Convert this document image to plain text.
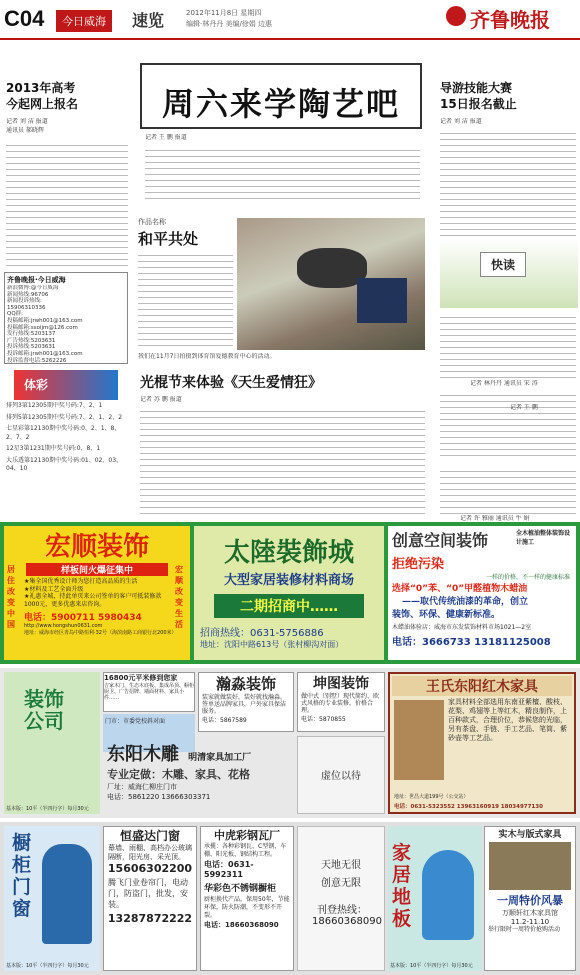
C04	今日威海	速览	2012年11月8日 星期四
编辑·林丹丹 美编/徐娟 边惠	齐鲁晚报
2013年高考
今起网上报名
记者 刘 洁 报道
通讯员 郝晓辉
齐鲁晚报·今日威海
新浪微博:@今日威海
新闻热线:96706
新闻投诉热线:
15906310336
QQ群:
投稿邮箱:jrwh001@163.com
投稿邮箱:ssoijm@126.com
发行热线:5203137
广告热线:5203631
投诉热线:5203631
投诉邮箱:jrwh001@163.com
投诉监督电话:5262226
体彩
排列3第12305期中奖号码:7、2、1
排列5第12305期中奖号码:7、2、1、2、2
七星彩第12130期中奖号码:0、2、1、8、2、7、2
12星3第1231期中奖号码:0、8、1
大乐透第12130期中奖号码:01、02、03、04、10
周六来学陶艺吧
记者 王 鹏 报道
作品名称
和平共处
我们在11月7日拍摄到体育馆爱德教育中心的活动。
光棍节来体验《天生爱情狂》
记者 苏 鹏 报道
导游技能大赛
15日报名截止
记者 刘 洁 报道
快读
记者 林丹丹 通讯员 宋 涛
记者 王 鹏
记者 许 雅丽 通讯员 牛 娟
宏顺装饰
样板间火爆征集中
★集全国优秀设计师为您打造高品质的生活
★材料及工艺全面升级
★礼惠全城，持此单页来公司签单的客户可抵装修款1000元，更多优惠来店咨询。
电话：5900711 5980434
http://www.hongshun0631.com
地址：威海市经区青岛中路恒利·32号（海滨南路工商银行北200米）
居住 改变 中国
宏顺 改变 生活
太陸裝飾城
大型家居装修材料商场
二期招商中……
招商热线：0631-5756886
地址：沈阳中路613号（张村柳沟对面）
创意空间装饰	全木植油整体装饰设计施工
拒绝污染
一样的价格，不一样的健康标准
选择“0”苯、“0”甲醛植物木蜡油
——取代传统油漆的革命，创立
装饰、环保、健康新标准。
木蜡油体验店：威海市东发装饰材料市场1021—2室
电话：3666733 13181125008
装饰公司
基本版：10平（半四行字）每月30元
16800元平米修到您家
吉家木门、生态木底板、集成吊顶、橱柜厨卫、广告招牌、墙面材料、家具小件……
门市：市委党校斜对面
东阳木雕 明清家具加工厂
专业定做：木雕、家具、花格
厂址：威海仁柳庄门市
电话：5861220 13666303371
瀚淼装饰
装家就做装好，装好就找瀚淼。签单送品牌家具，户外家具保洁服务。
电话：5867589
坤图装饰
做中式（别墅）现代简约、欧式风格的专业装修，价格合理。
电话：5870855
虚位以待
王氏东阳红木家具
家具材料全部选用东南亚紫檀、酸枝、花梨、鸡翅等上等红木，精良制作，上百种款式，合理价位，恭候您的光临，另有茶盘、手链、手工艺品、笔筒、紫砂壶等工艺品。
地址：世昌大道199号（公交站）
电话：0631-5323552 13963160919 18034977130
橱柜门窗
基本版：10平（半四行字）每月30元
恒盛达门窗
幕墙、雨棚、高档办公玻璃隔断，阳光房、采光顶。
15606302200
腾飞门业卷帘门，电动门，防盗门，批发，安装。
13287872222
中虎彩钢瓦厂
承揽：各种彩钢瓦、C型钢、车棚、阳光板、钢结构工程。
电话：0631-5992311
华彩色不锈钢橱柜
厨柜换代产品，保用50年，节能环保，防火防潮，不变形不开裂。
电话：18660368090
天地无很
创意无限
刊登热线：18660368090
家居地板
基本版：10平（半四行字）每月30元
实木与版式家具
一周特价风暴
万顺轩红木家具馆
11.2-11.10
举行限时一周特价抢购活动
